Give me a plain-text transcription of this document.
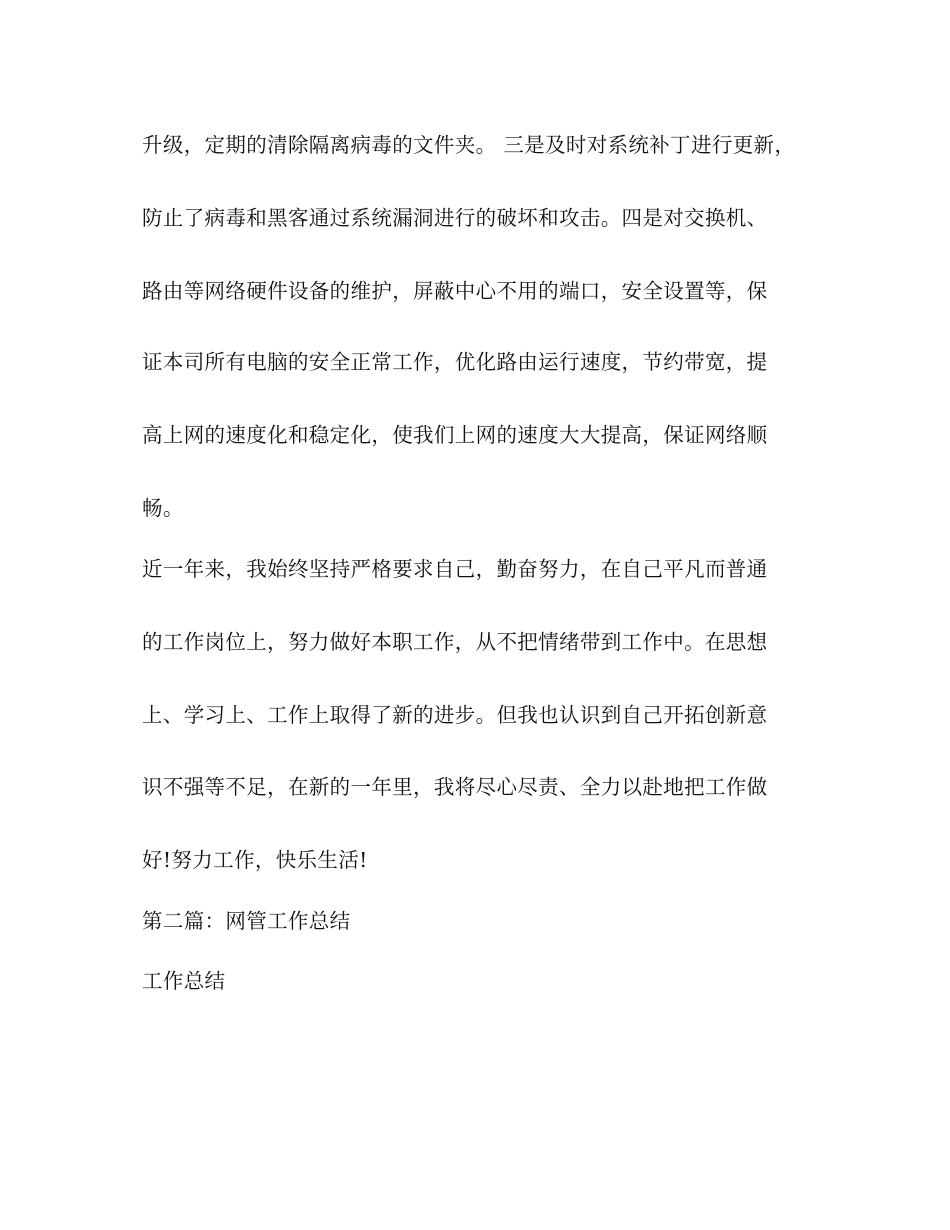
升级，定期的清除隔离病毒的文件夹。 三是及时对系统补丁进行更新，
防止了病毒和黑客通过系统漏洞进行的破坏和攻击。四是对交换机、
路由等网络硬件设备的维护，屏蔽中心不用的端口，安全设置等，保
证本司所有电脑的安全正常工作，优化路由运行速度，节约带宽，提
高上网的速度化和稳定化，使我们上网的速度大大提高，保证网络顺
畅。
近一年来，我始终坚持严格要求自己，勤奋努力，在自己平凡而普通
的工作岗位上，努力做好本职工作，从不把情绪带到工作中。在思想
上、学习上、工作上取得了新的进步。但我也认识到自己开拓创新意
识不强等不足，在新的一年里，我将尽心尽责、全力以赴地把工作做
好!努力工作，快乐生活!
第二篇：网管工作总结
工作总结
